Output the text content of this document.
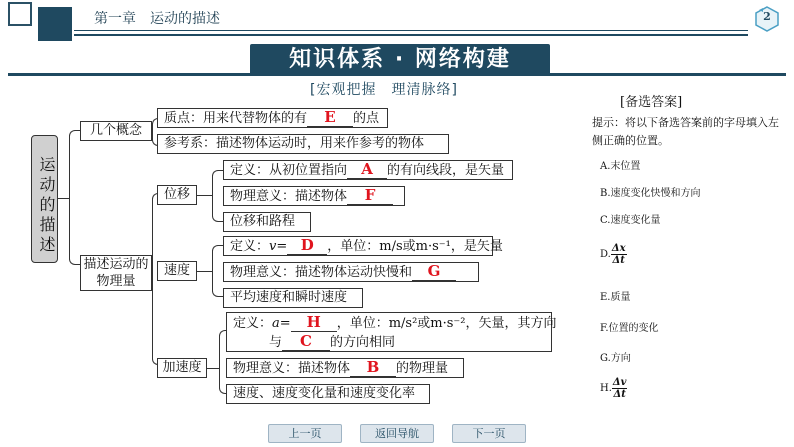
第一章　运动的描述	2
知识体系 · 网络构建
[宏观把握　理清脉络]
运动的描述
几个概念
质点：用来代替物体的有 E 的点
参考系：描述物体运动时，用来作参考的物体
描述运动的物理量
位移
定义：从初位置指向 A 的有向线段，是矢量
物理意义：描述物体 F
位移和路程
速度
定义：v= D ，单位：m/s或m·s⁻¹，是矢量
物理意义：描述物体运动快慢和 G
平均速度和瞬时速度
加速度
定义：a= H ，单位：m/s²或m·s⁻²，矢量，其方向
与 C 的方向相同
物理意义：描述物体 B 的物理量
速度、速度变化量和速度变化率
[备选答案]
提示：将以下备选答案前的字母填入左侧正确的位置。
A.末位置
B.速度变化快慢和方向
C.速度变化量
D. $\frac{\Delta x}{\Delta t}$
E.质量
F.位置的变化
G.方向
H. $\frac{\Delta v}{\Delta t}$
上一页	返回导航	下一页
